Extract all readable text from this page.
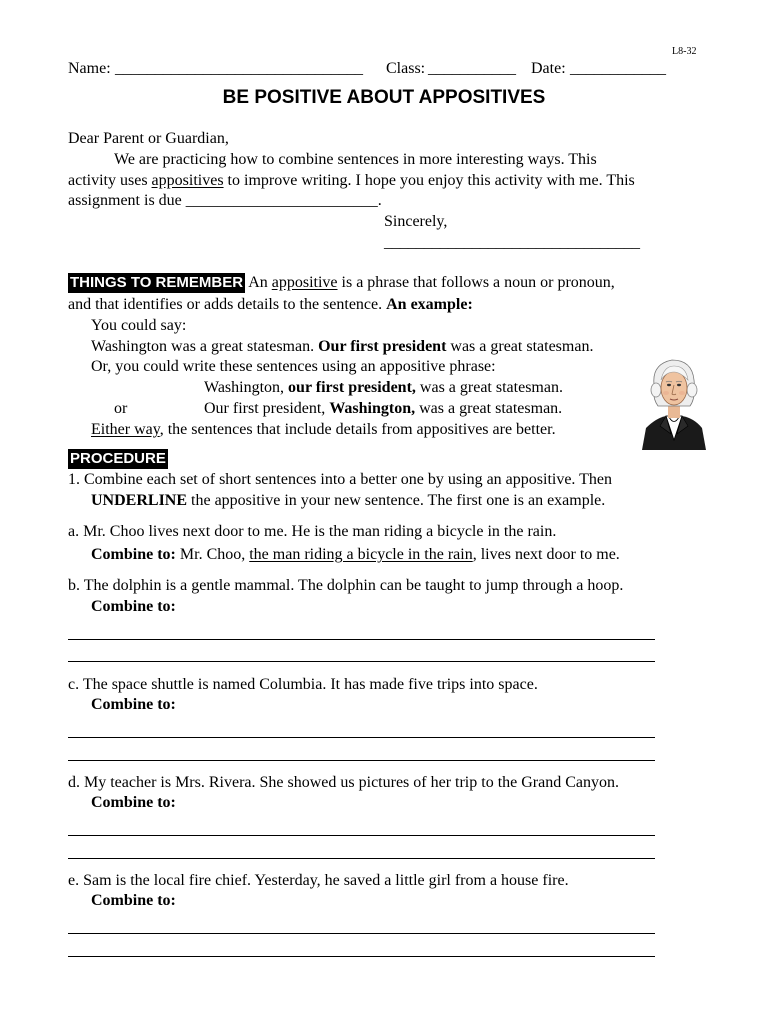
L8-32
Name: _______________________________ Class: ___________ Date: ____________
BE POSITIVE ABOUT APPOSITIVES
Dear Parent or Guardian,
We are practicing how to combine sentences in more interesting ways. This
activity uses appositives to improve writing. I hope you enjoy this activity with me. This
assignment is due ________________________.
Sincerely,
________________________________
THINGS TO REMEMBER An appositive is a phrase that follows a noun or pronoun,
and that identifies or adds details to the sentence. An example:
You could say:
Washington was a great statesman. Our first president was a great statesman.
Or, you could write these sentences using an appositive phrase:
Washington, our first president, was a great statesman.
or	Our first president, Washington, was a great statesman.
Either way, the sentences that include details from appositives are better.
PROCEDURE
1. Combine each set of short sentences into a better one by using an appositive. Then
UNDERLINE the appositive in your new sentence. The first one is an example.
a. Mr. Choo lives next door to me. He is the man riding a bicycle in the rain.
Combine to: Mr. Choo, the man riding a bicycle in the rain, lives next door to me.
b. The dolphin is a gentle mammal. The dolphin can be taught to jump through a hoop.
Combine to:
c. The space shuttle is named Columbia. It has made five trips into space.
Combine to:
d. My teacher is Mrs. Rivera. She showed us pictures of her trip to the Grand Canyon.
Combine to:
e. Sam is the local fire chief. Yesterday, he saved a little girl from a house fire.
Combine to:
